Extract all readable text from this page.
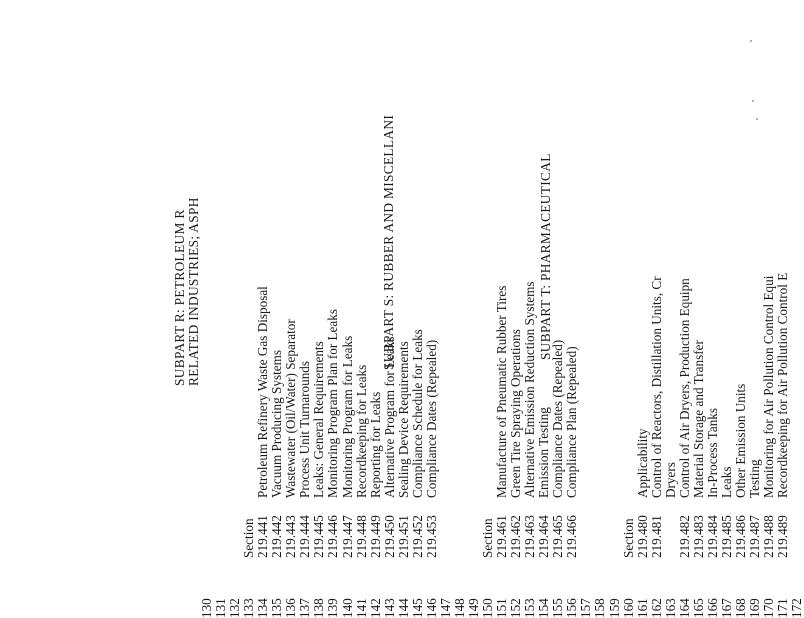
SUBPART R: PETROLEUM R RELATED INDUSTRIES; ASPH	SUBPART S: RUBBER AND MISCELLANI	SUBPART T: PHARMACEUTICAL
130 131 132 133
Section
134
219.441
Petroleum Refinery Waste Gas Disposal
135
219.442
Vacuum Producing Systems
136
219.443
Wastewater (Oil/Water) Separator
137
219.444
Process Unit Turnarounds
138
219.445
Leaks: General Requirements
139
219.446
Monitoring Program Plan for Leaks
140
219.447
Monitoring Program for Leaks
141
219.448
Recordkeeping for Leaks
142
219.449
Reporting for Leaks
143
219.450
Alternative Program for Leaks
144
219.451
Sealing Device Requirements
145
219.452
Compliance Schedule for Leaks
146
219.453
Compliance Dates (Repealed)
147 148 149 150
Section
151
219.461
Manufacture of Pneumatic Rubber Tires
152
219.462
Green Tire Spraying Operations
153
219.463
Alternative Emission Reduction Systems
154
219.464
Emission Testing
155
219.465
Compliance Dates (Repealed)
156
219.466
Compliance Plan (Repealed)
157 158 159 160
Section
161
219.480
Applicability
162
219.481
Control of Reactors, Distillation Units, Cr
163
Dryers
164
219.482
Control of Air Dryers, Production Equipn
165
219.483
Material Storage and Transfer
166
219.484
In-Process Tanks
167
219.485
Leaks
168
219.486
Other Emission Units
169
219.487
Testing
170
219.488
Monitoring for Air Pollution Control Equi
171
219.489
Recordkeeping for Air Pollution Control E
172
